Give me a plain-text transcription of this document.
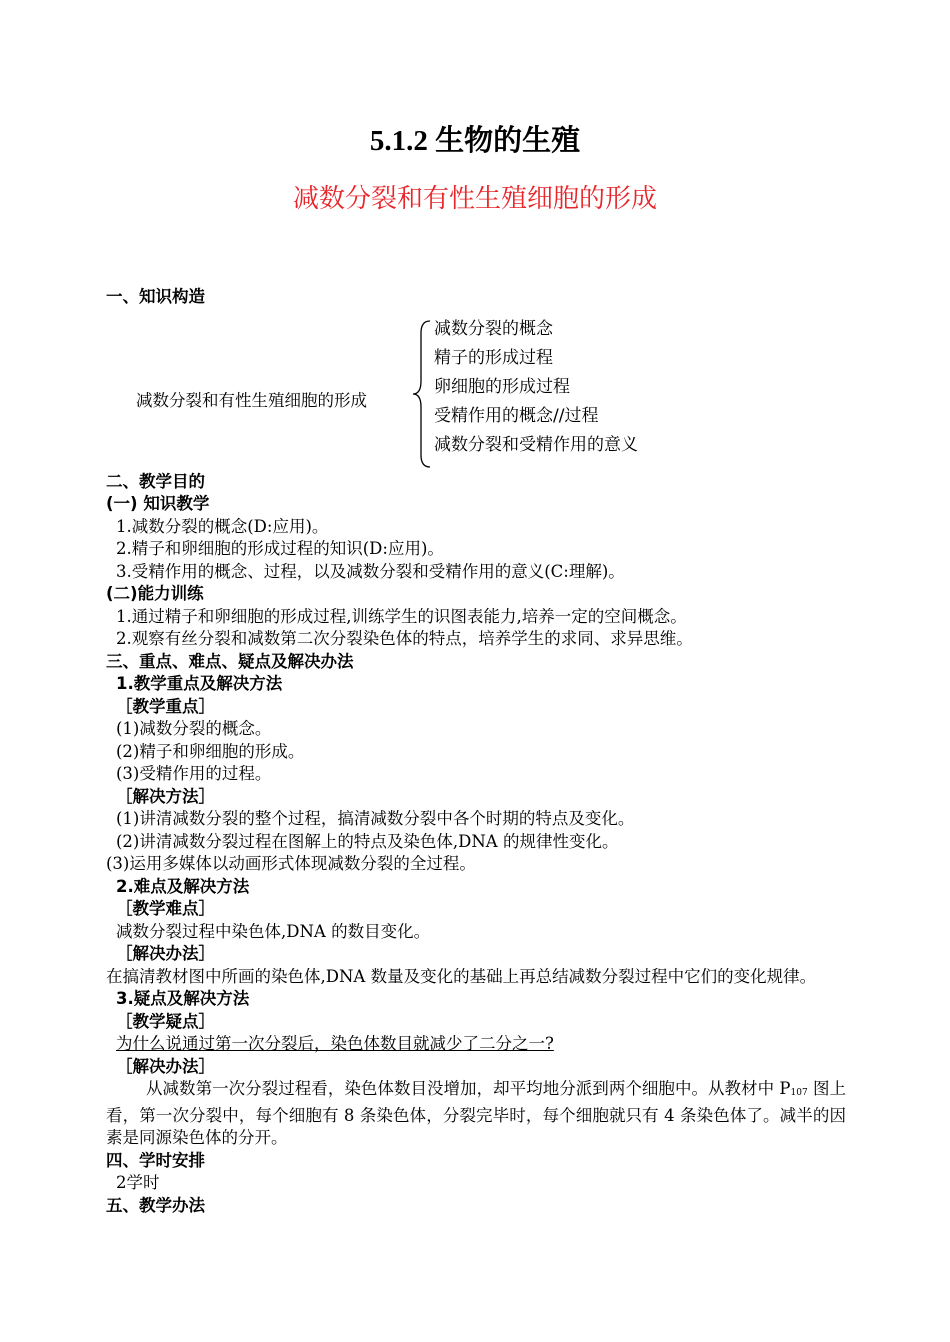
5.1.2 生物的生殖
减数分裂和有性生殖细胞的形成
一、知识构造
减数分裂和有性生殖细胞的形成
减数分裂的概念
精子的形成过程
卵细胞的形成过程
受精作用的概念//过程
减数分裂和受精作用的意义
二、教学目的
(一) 知识教学
1.减数分裂的概念(D:应用)。
2.精子和卵细胞的形成过程的知识(D:应用)。
3.受精作用的概念、过程，以及减数分裂和受精作用的意义(C:理解)。
(二)能力训练
1.通过精子和卵细胞的形成过程,训练学生的识图表能力,培养一定的空间概念。
2.观察有丝分裂和减数第二次分裂染色体的特点，培养学生的求同、求异思维。
三、重点、难点、疑点及解决办法
1.教学重点及解决方法
［教学重点］
(1)减数分裂的概念。
(2)精子和卵细胞的形成。
(3)受精作用的过程。
［解决方法］
(1)讲清减数分裂的整个过程，搞清减数分裂中各个时期的特点及变化。
(2)讲清减数分裂过程在图解上的特点及染色体,DNA 的规律性变化。
(3)运用多媒体以动画形式体现减数分裂的全过程。
2.难点及解决方法
［教学难点］
减数分裂过程中染色体,DNA 的数目变化。
［解决办法］
在搞清教材图中所画的染色体,DNA 数量及变化的基础上再总结减数分裂过程中它们的变化规律。
3.疑点及解决方法
［教学疑点］
为什么说通过第一次分裂后，染色体数目就减少了二分之一?
［解决办法］
从减数第一次分裂过程看，染色体数目没增加，却平均地分派到两个细胞中。从教材中 $P_{107}$ 图上看，第一次分裂中，每个细胞有 8 条染色体，分裂完毕时，每个细胞就只有 4 条染色体了。减半的因素是同源染色体的分开。
四、学时安排
2学时
五、教学办法
